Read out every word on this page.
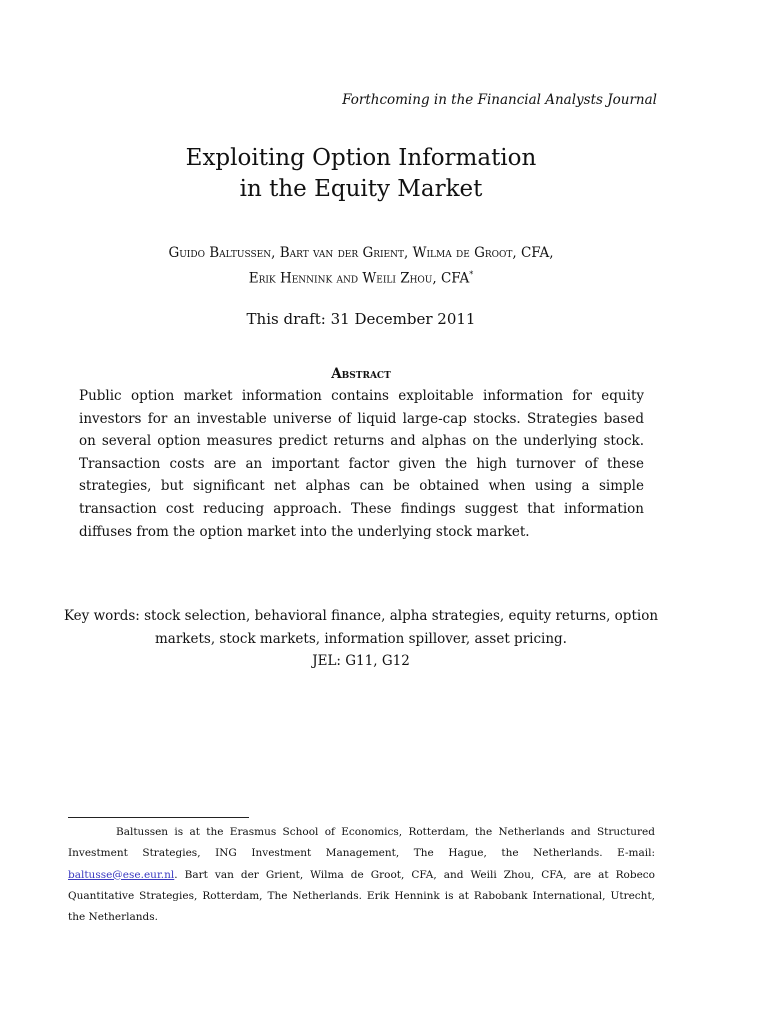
Forthcoming in the Financial Analysts Journal
Exploiting Option Information
in the Equity Market
Guido Baltussen, Bart van der Grient, Wilma de Groot, CFA,
Erik Hennink and Weili Zhou, CFA*
This draft: 31 December 2011
Abstract

Public option market information contains exploitable information for equity investors for an investable universe of liquid large-cap stocks. Strategies based on several option measures predict returns and alphas on the underlying stock. Transaction costs are an important factor given the high turnover of these strategies, but significant net alphas can be obtained when using a simple transaction cost reducing approach. These findings suggest that information diffuses from the option market into the underlying stock market.

Key words: stock selection, behavioral finance, alpha strategies, equity returns, option
markets, stock markets, information spillover, asset pricing.
JEL: G11, G12

Baltussen is at the Erasmus School of Economics, Rotterdam, the Netherlands and Structured Investment Strategies, ING Investment Management, The Hague, the Netherlands. E-mail: baltusse@ese.eur.nl. Bart van der Grient, Wilma de Groot, CFA, and Weili Zhou, CFA, are at Robeco Quantitative Strategies, Rotterdam, The Netherlands. Erik Hennink is at Rabobank International, Utrecht, the Netherlands.
